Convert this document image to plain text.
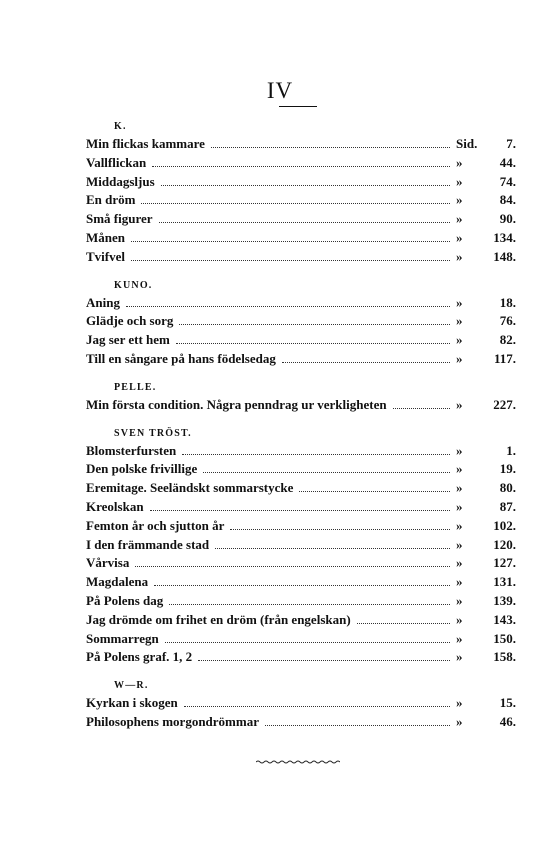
IV
K.
Min flickas kammare	Sid.	7.
Vallflickan	»	44.
Middagsljus	»	74.
En dröm	»	84.
Små figurer	»	90.
Månen	»	134.
Tvifvel	»	148.
KUNO.
Aning	»	18.
Glädje och sorg	»	76.
Jag ser ett hem	»	82.
Till en sångare på hans födelsedag	»	117.
PELLE.
Min första condition. Några penndrag ur verkligheten	»	227.
SVEN TRÖST.
Blomsterfursten	»	1.
Den polske frivillige	»	19.
Eremitage. Seeländskt sommarstycke	»	80.
Kreolskan	»	87.
Femton år och sjutton år	»	102.
I den främmande stad	»	120.
Vårvisa	»	127.
Magdalena	»	131.
På Polens dag	»	139.
Jag drömde om frihet en dröm (från engelskan)	»	143.
Sommarregn	»	150.
På Polens graf. 1, 2	»	158.
W—R.
Kyrkan i skogen	»	15.
Philosophens morgondrömmar	»	46.
